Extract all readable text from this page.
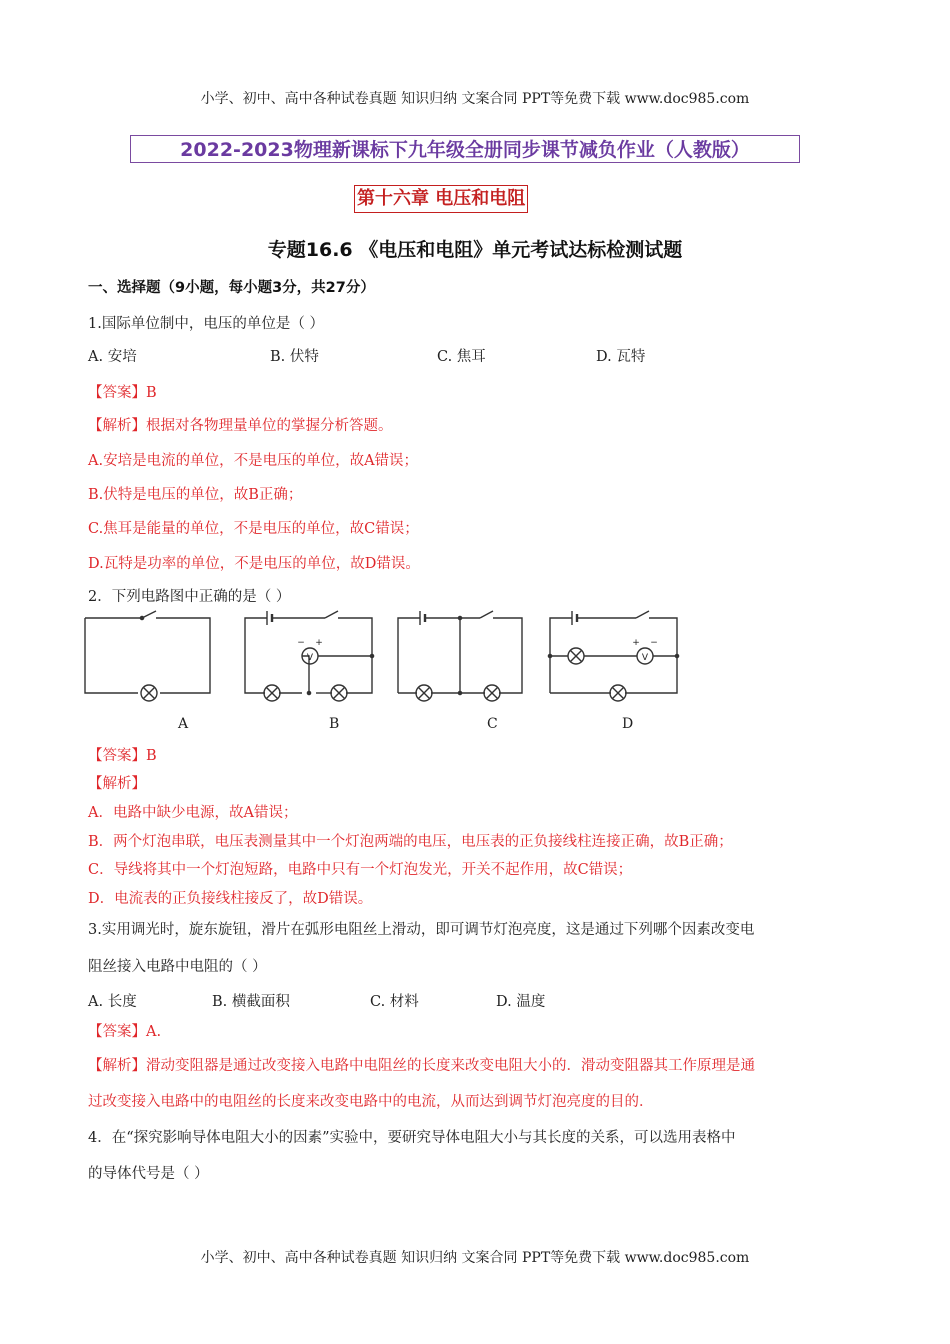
小学、初中、高中各种试卷真题 知识归纳 文案合同 PPT等免费下载 www.doc985.com
2022-2023物理新课标下九年级全册同步课节减负作业（人教版）
第十六章 电压和电阻
专题16.6 《电压和电阻》单元考试达标检测试题
一、选择题（9小题，每小题3分，共27分）
1.国际单位制中，电压的单位是（ ）
A. 安培	B. 伏特	C. 焦耳	D. 瓦特
【答案】B
【解析】根据对各物理量单位的掌握分析答题。
A.安培是电流的单位，不是电压的单位，故A错误；
B.伏特是电压的单位，故B正确；
C.焦耳是能量的单位，不是电压的单位，故C错误；
D.瓦特是功率的单位，不是电压的单位，故D错误。
2．下列电路图中正确的是（ ）
V	V
− +	+ −
A	B	C	D
【答案】B
【解析】
A．电路中缺少电源，故A错误；
B．两个灯泡串联，电压表测量其中一个灯泡两端的电压，电压表的正负接线柱连接正确，故B正确；
C．导线将其中一个灯泡短路，电路中只有一个灯泡发光，开关不起作用，故C错误；
D．电流表的正负接线柱接反了，故D错误。
3.实用调光时，旋东旋钮，滑片在弧形电阻丝上滑动，即可调节灯泡亮度，这是通过下列哪个因素改变电
阻丝接入电路中电阻的（ ）
A. 长度	B. 横截面积	C. 材料	D. 温度
【答案】A.
【解析】滑动变阻器是通过改变接入电路中电阻丝的长度来改变电阻大小的．滑动变阻器其工作原理是通
过改变接入电路中的电阻丝的长度来改变电路中的电流，从而达到调节灯泡亮度的目的．
4．在“探究影响导体电阻大小的因素”实验中，要研究导体电阻大小与其长度的关系，可以选用表格中
的导体代号是（ ）
小学、初中、高中各种试卷真题 知识归纳 文案合同 PPT等免费下载 www.doc985.com
